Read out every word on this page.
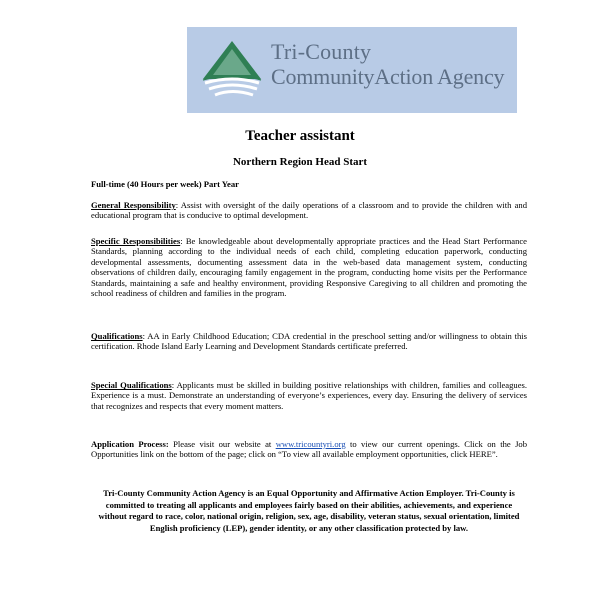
Tri-County
CommunityAction Agency
Teacher assistant
Northern Region Head Start
Full-time (40 Hours per week) Part Year
General Responsibility: Assist with oversight of the daily operations of a classroom and to provide the children with and educational program that is conducive to optimal development.
Specific Responsibilities: Be knowledgeable about developmentally appropriate practices and the Head Start Performance Standards, planning according to the individual needs of each child, completing education paperwork, conducting developmental assessments, documenting assessment data in the web-based data management system, conducting observations of children daily, encouraging family engagement in the program, conducting home visits per the Performance Standards, maintaining a safe and healthy environment, providing Responsive Caregiving to all children and promoting the school readiness of children and families in the program.
Qualifications: AA in Early Childhood Education; CDA credential in the preschool setting and/or willingness to obtain this certification. Rhode Island Early Learning and Development Standards certificate preferred.
Special Qualifications: Applicants must be skilled in building positive relationships with children, families and colleagues. Experience is a must. Demonstrate an understanding of everyone’s experiences, every day. Ensuring the delivery of services that recognizes and respects that every moment matters.
Application Process: Please visit our website at www.tricountyri.org to view our current openings. Click on the Job Opportunities link on the bottom of the page; click on “To view all available employment opportunities, click HERE”.
Tri-County Community Action Agency is an Equal Opportunity and Affirmative Action Employer. Tri-County is committed to treating all applicants and employees fairly based on their abilities, achievements, and experience without regard to race, color, national origin, religion, sex, age, disability, veteran status, sexual orientation, limited English proficiency (LEP), gender identity, or any other classification protected by law.
